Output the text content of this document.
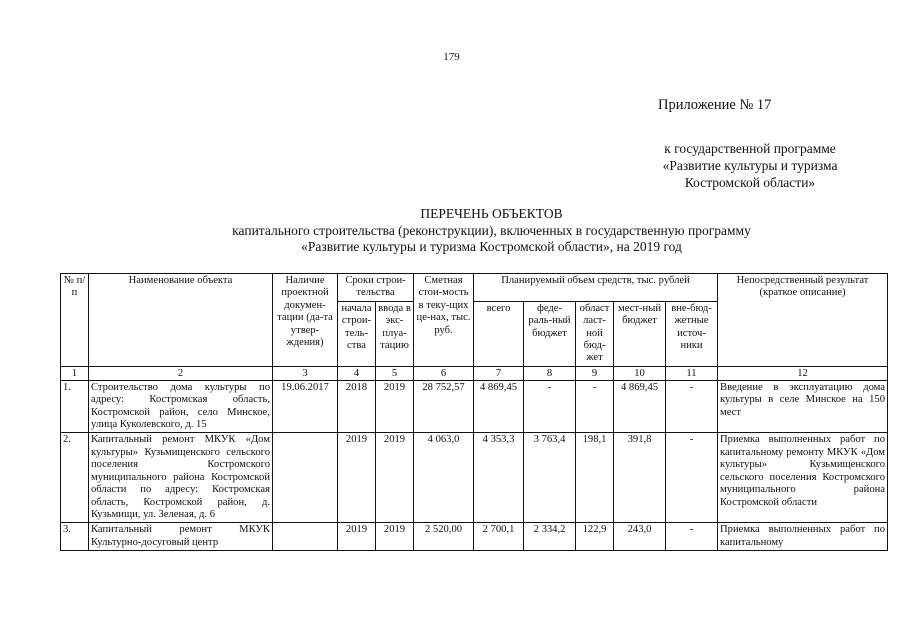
179
Приложение № 17
к государственной программе
«Развитие культуры и туризма
Костромской области»
ПЕРЕЧЕНЬ ОБЪЕКТОВ
капитального строительства (реконструкции), включенных в государственную программу
«Развитие культуры и туризма Костромской области», на 2019 год
№ п/п	Наименование объекта	Наличие проектной докумен-тации (да-та утвер-ждения)	Сроки строи-тельства		Сметная стои-мость в теку-щих це-нах, тыс. руб.	Планируемый объем средств, тыс. рублей					Непосредственный результат (краткое описание)
			начала строи-тель-ства	ввода в экс-плуа-тацию		всего	феде-раль-ный бюджет	област ласт-ной бюд-жет	мест-ный бюджет	вне-бюд-жетные источ-ники	
1	2	3	4	5	6	7	8	9	10	11	12
1.	Строительство дома культуры по адресу: Костромская область, Костромской район, село Минское, улица Куколевского, д. 15	19.06.2017	2018	2019	28 752,57	4 869,45	-	-	4 869,45	-	Введение в эксплуатацию дома культуры в селе Минское на 150 мест
2.	Капитальный ремонт МКУК «Дом культуры» Кузьмищенского сельского поселения Костромского муниципального района Костромской области по адресу: Костромская область, Костромской район, д. Кузьмищи, ул. Зеленая, д. 6		2019	2019	4 063,0	4 353,3	3 763,4	198,1	391,8	-	Приемка выполненных работ по капитальному ремонту МКУК «Дом культуры» Кузьмищенского сельского поселения Костромского муниципального района Костромской области
3.	Капитальный ремонт МКУК Культурно-досуговый центр		2019	2019	2 520,00	2 700,1	2 334,2	122,9	243,0	-	Приемка выполненных работ по капитальному
